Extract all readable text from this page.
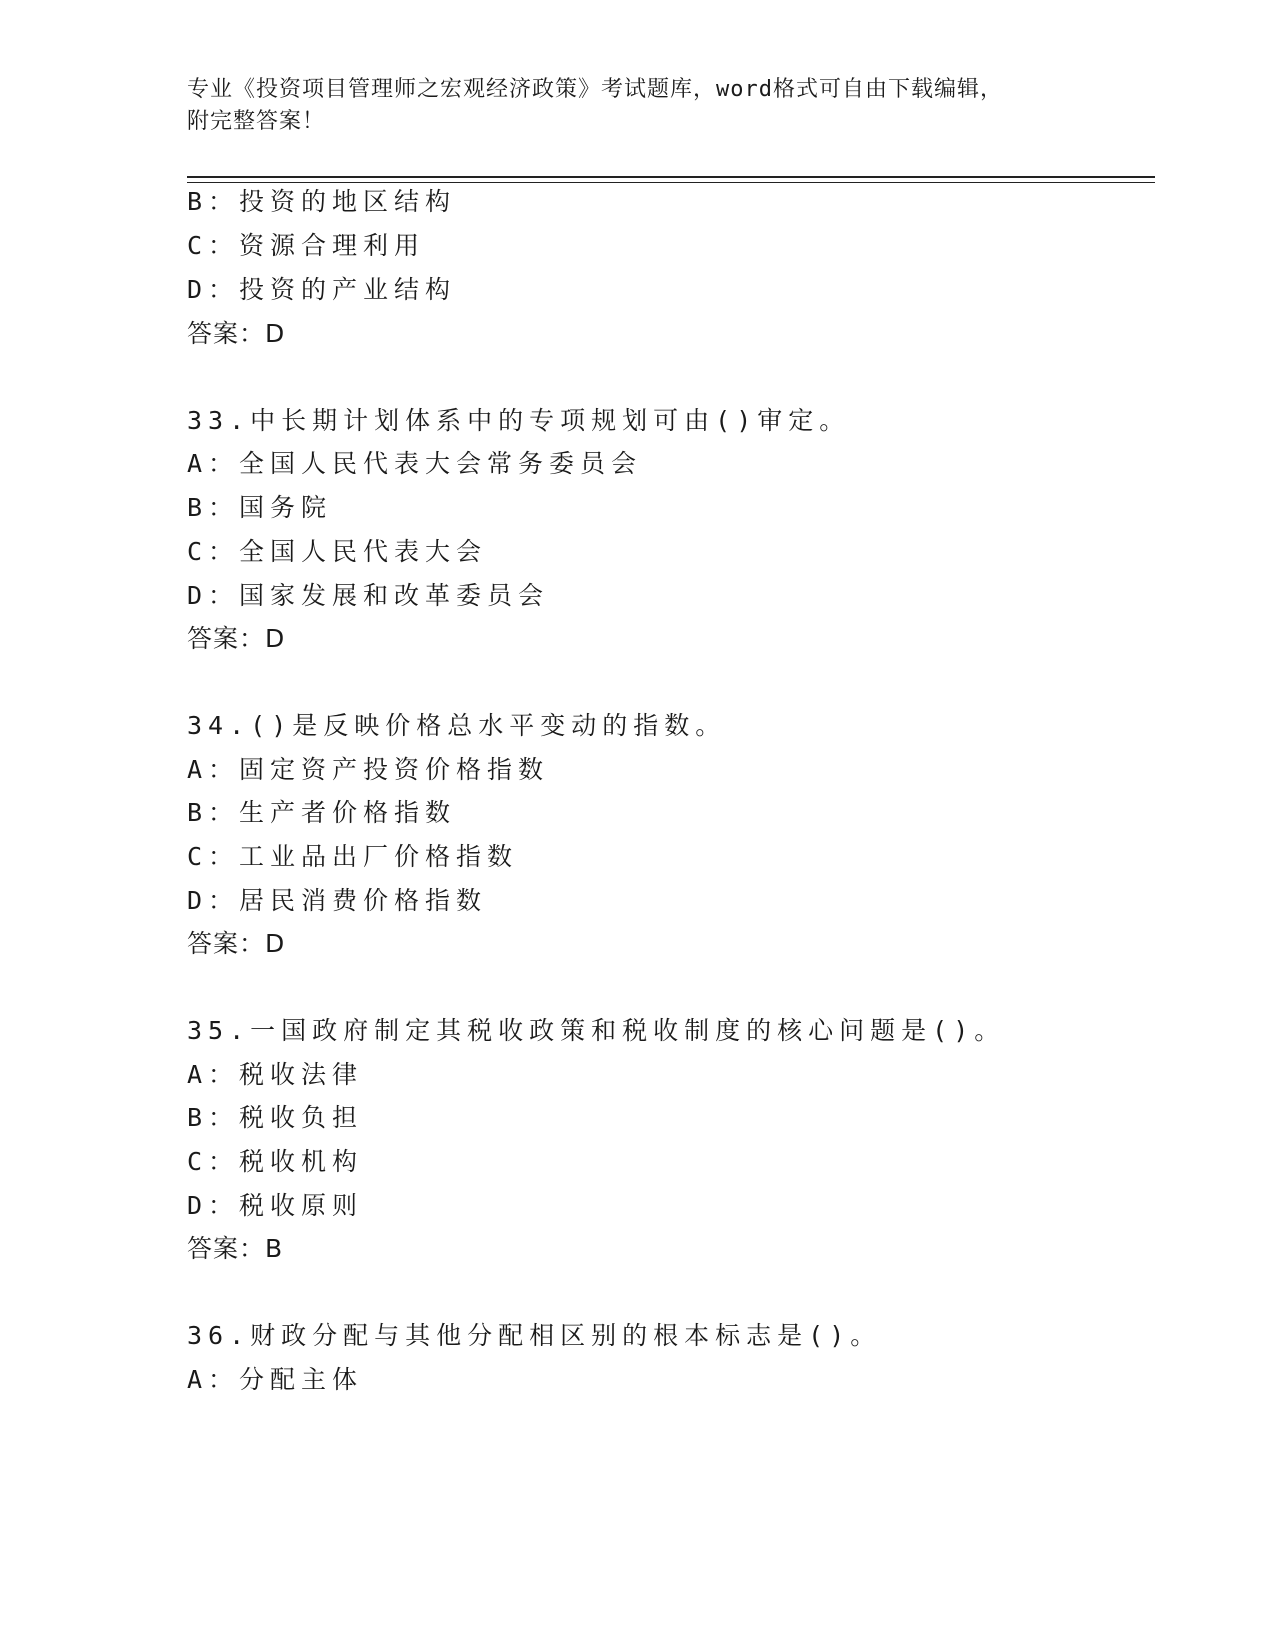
专业《投资项目管理师之宏观经济政策》考试题库，word格式可自由下载编辑，
附完整答案！
B：投资的地区结构
C：资源合理利用
D：投资的产业结构
答案：D
33.中长期计划体系中的专项规划可由()审定。
A：全国人民代表大会常务委员会
B：国务院
C：全国人民代表大会
D：国家发展和改革委员会
答案：D
34.()是反映价格总水平变动的指数。
A：固定资产投资价格指数
B：生产者价格指数
C：工业品出厂价格指数
D：居民消费价格指数
答案：D
35.一国政府制定其税收政策和税收制度的核心问题是()。
A：税收法律
B：税收负担
C：税收机构
D：税收原则
答案：B
36.财政分配与其他分配相区别的根本标志是()。
A：分配主体
